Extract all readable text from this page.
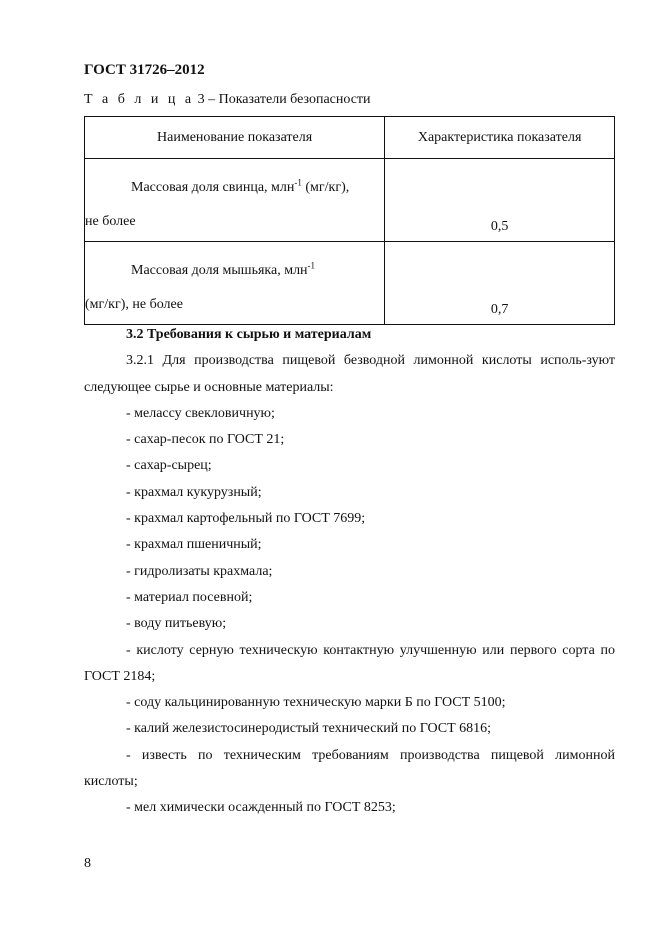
ГОСТ 31726–2012
Т а б л и ц а 3 – Показатели безопасности
Наименование показателя	Характеристика показателя

Массовая доля свинца, млн$^{-1}$ (мг/кг),
не более	0,5

Массовая доля мышьяка, млн$^{-1}$
(мг/кг), не более	0,7

3.2 Требования к сырью и материалам

3.2.1 Для производства пищевой безводной лимонной кислоты исполь-зуют следующее сырье и основные материалы:

- мелассу свекловичную;

- сахар-песок по ГОСТ 21;

- сахар-сырец;

- крахмал кукурузный;

- крахмал картофельный по ГОСТ 7699;

- крахмал пшеничный;

- гидролизаты крахмала;

- материал посевной;

- воду питьевую;

- кислоту серную техническую контактную улучшенную или первого сорта по ГОСТ 2184;

- соду кальцинированную техническую марки Б по ГОСТ 5100;

- калий железистосинеродистый технический по ГОСТ 6816;

- известь по техническим требованиям производства пищевой лимонной кислоты;

- мел химически осажденный по ГОСТ 8253;

8
